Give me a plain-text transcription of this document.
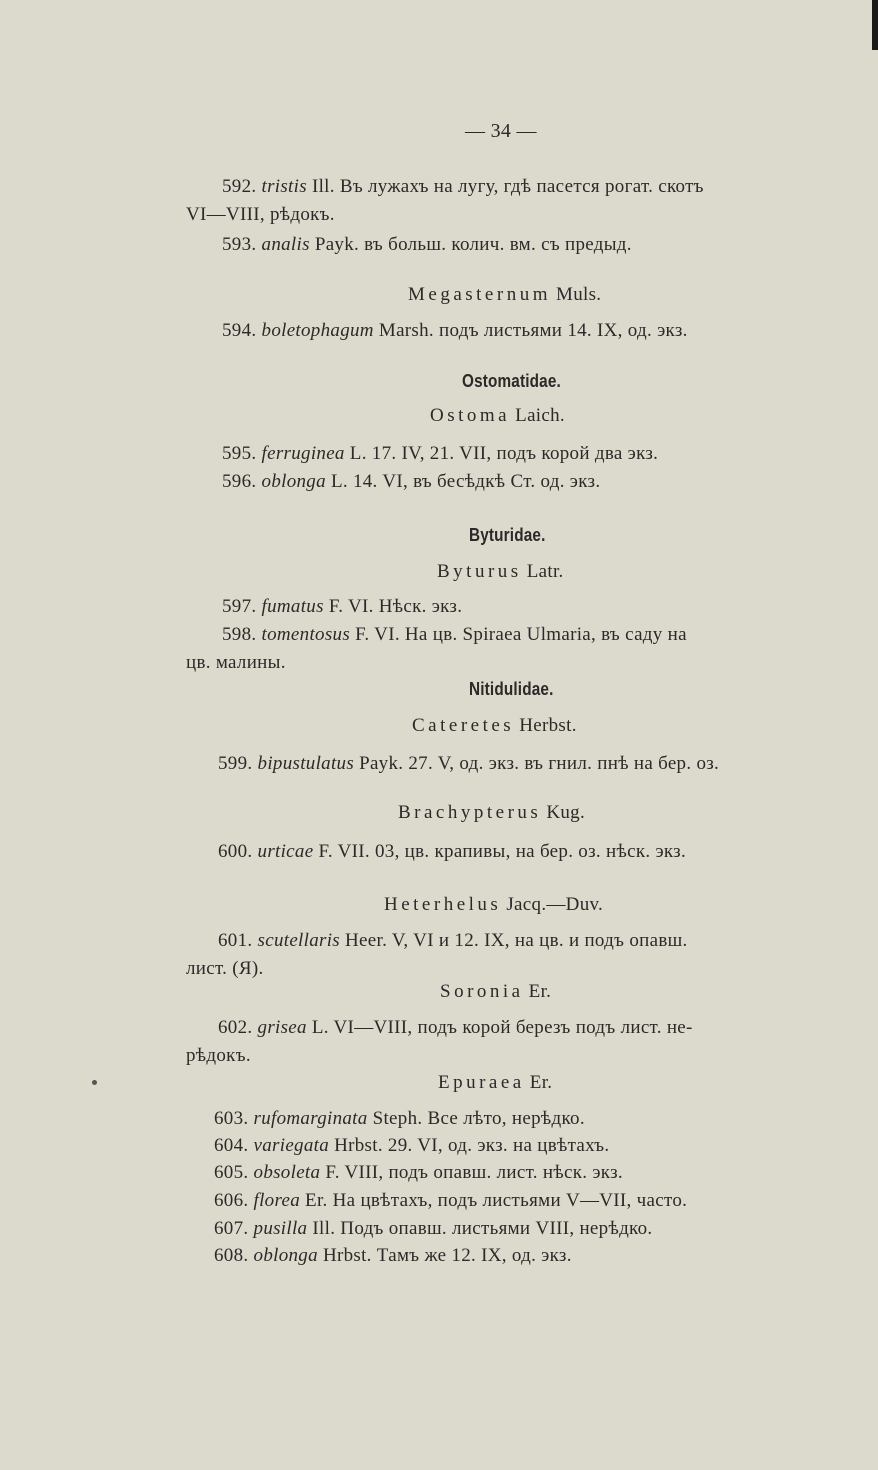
— 34 —
592. tristis Ill. Въ лужахъ на лугу, гдѣ пасется рогат. скотъ
VI—VIII, рѣдокъ.
593. analis Payk. въ больш. колич. вм. съ предыд.
Megasternum Muls.
594. boletophagum Marsh. подъ листьями 14. IX, од. экз.
Ostomatidae.
Ostoma Laich.
595. ferruginea L. 17. IV, 21. VII, подъ корой два экз.
596. oblonga L. 14. VI, въ бесѣдкѣ Ст. од. экз.
Byturidae.
Byturus Latr.
597. fumatus F. VI. Нѣск. экз.
598. tomentosus F. VI. На цв. Spiraea Ulmaria, въ саду на
цв. малины.
Nitidulidae.
Cateretes Herbst.
599. bipustulatus Payk. 27. V, од. экз. въ гнил. пнѣ на бер. оз.
Brachypterus Kug.
600. urticae F. VII. 03, цв. крапивы, на бер. оз. нѣск. экз.
Heterhelus Jacq.—Duv.
601. scutellaris Heer. V, VI и 12. IX, на цв. и подъ опавш.
лист. (Я).
Soronia Er.
602. grisea L. VI—VIII, подъ корой березъ подъ лист. не-
рѣдокъ.
Epuraea Er.
603. rufomarginata Steph. Все лѣто, нерѣдко.
604. variegata Hrbst. 29. VI, од. экз. на цвѣтахъ.
605. obsoleta F. VIII, подъ опавш. лист. нѣск. экз.
606. florea Er. На цвѣтахъ, подъ листьями V—VII, часто.
607. pusilla Ill. Подъ опавш. листьями VIII, нерѣдко.
608. oblonga Hrbst. Тамъ же 12. IX, од. экз.
